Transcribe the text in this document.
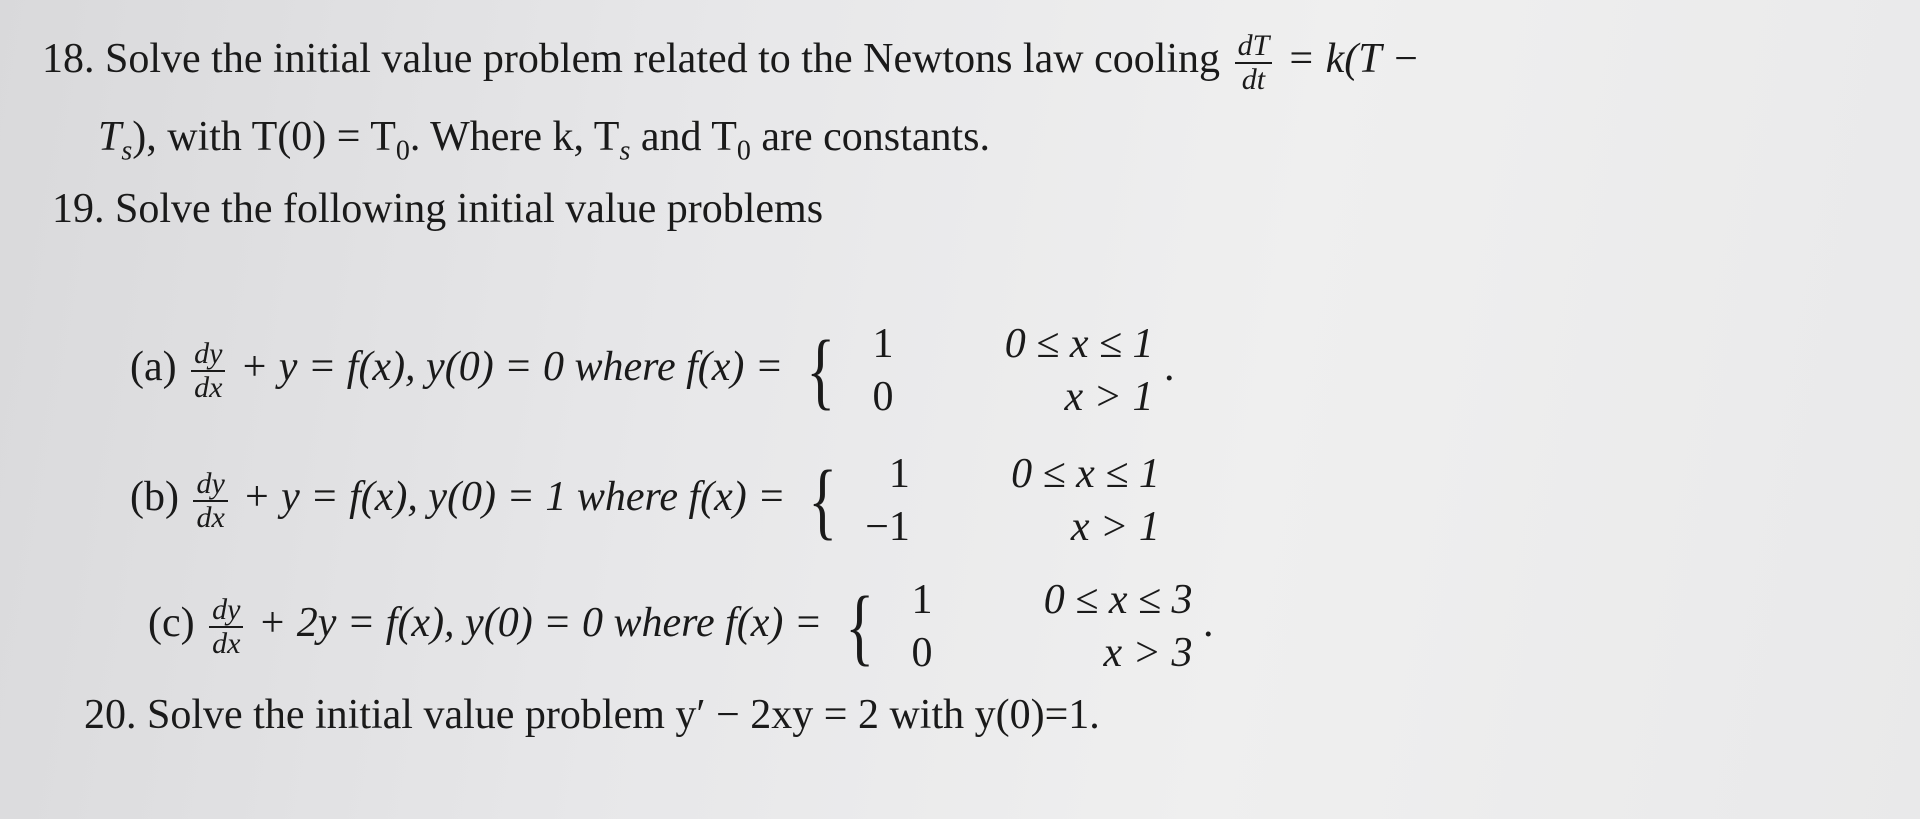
18. Solve the initial value problem related to the Newtons law cooling $\frac{dT}{dt} = k(T$ −
$T_s$), with $T(0) = T_0$. Where k, $T_s$ and $T_0$ are constants.
19. Solve the following initial value problems
$(a) \frac{dy}{dx} + y = f(x)$, y(0) = 0 where f(x) = { 1	0 ≤ x ≤ 1
0	x > 1
.
$(b) \frac{dy}{dx} + y = f(x)$, y(0) = 1 where f(x) = {	1	0 ≤ x ≤ 1
−1	x > 1
$(c) \frac{dy}{dx} + 2y = f(x)$, y(0) = 0 where f(x) = { 1	0 ≤ x ≤ 3
0	x > 3
.
20. Solve the initial value problem y′ − 2xy = 2 with y(0)=1.
